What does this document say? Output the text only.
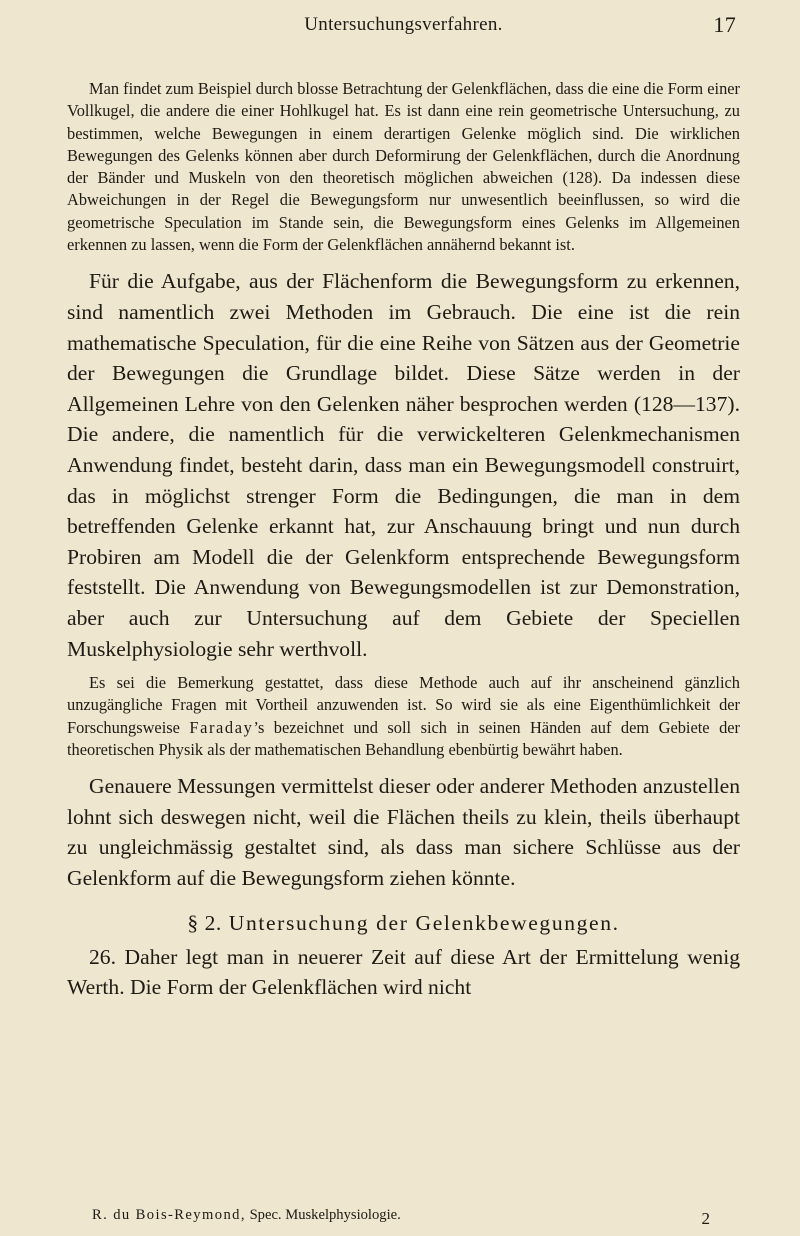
Untersuchungsverfahren.	17

Man findet zum Beispiel durch blosse Betrachtung der Gelenkflächen, dass die eine die Form einer Vollkugel, die andere die einer Hohlkugel hat. Es ist dann eine rein geometrische Untersuchung, zu bestimmen, welche Bewegungen in einem derartigen Gelenke möglich sind. Die wirklichen Bewegungen des Gelenks können aber durch Deformirung der Gelenkflächen, durch die Anordnung der Bänder und Muskeln von den theoretisch möglichen abweichen (128). Da indessen diese Abweichungen in der Regel die Bewegungsform nur unwesentlich beeinflussen, so wird die geometrische Speculation im Stande sein, die Bewegungsform eines Gelenks im Allgemeinen erkennen zu lassen, wenn die Form der Gelenkflächen annähernd bekannt ist.

Für die Aufgabe, aus der Flächenform die Bewegungsform zu erkennen, sind namentlich zwei Methoden im Gebrauch. Die eine ist die rein mathematische Speculation, für die eine Reihe von Sätzen aus der Geometrie der Bewegungen die Grundlage bildet. Diese Sätze werden in der Allgemeinen Lehre von den Gelenken näher besprochen werden (128—137). Die andere, die namentlich für die verwickelteren Gelenkmechanismen Anwendung findet, besteht darin, dass man ein Bewegungsmodell construirt, das in möglichst strenger Form die Bedingungen, die man in dem betreffenden Gelenke erkannt hat, zur Anschauung bringt und nun durch Probiren am Modell die der Gelenkform entsprechende Bewegungsform feststellt. Die Anwendung von Bewegungsmodellen ist zur Demonstration, aber auch zur Untersuchung auf dem Gebiete der Speciellen Muskelphysiologie sehr werthvoll.

Es sei die Bemerkung gestattet, dass diese Methode auch auf ihr anscheinend gänzlich unzugängliche Fragen mit Vortheil anzuwenden ist. So wird sie als eine Eigenthümlichkeit der Forschungsweise Faraday’s bezeichnet und soll sich in seinen Händen auf dem Gebiete der theoretischen Physik als der mathematischen Behandlung ebenbürtig bewährt haben.

Genauere Messungen vermittelst dieser oder anderer Methoden anzustellen lohnt sich deswegen nicht, weil die Flächen theils zu klein, theils überhaupt zu ungleichmässig gestaltet sind, als dass man sichere Schlüsse aus der Gelenkform auf die Bewegungsform ziehen könnte.

§ 2. Untersuchung der Gelenkbewegungen.

26. Daher legt man in neuerer Zeit auf diese Art der Ermittelung wenig Werth. Die Form der Gelenkflächen wird nicht

R. du Bois-Reymond, Spec. Muskelphysiologie.	2
